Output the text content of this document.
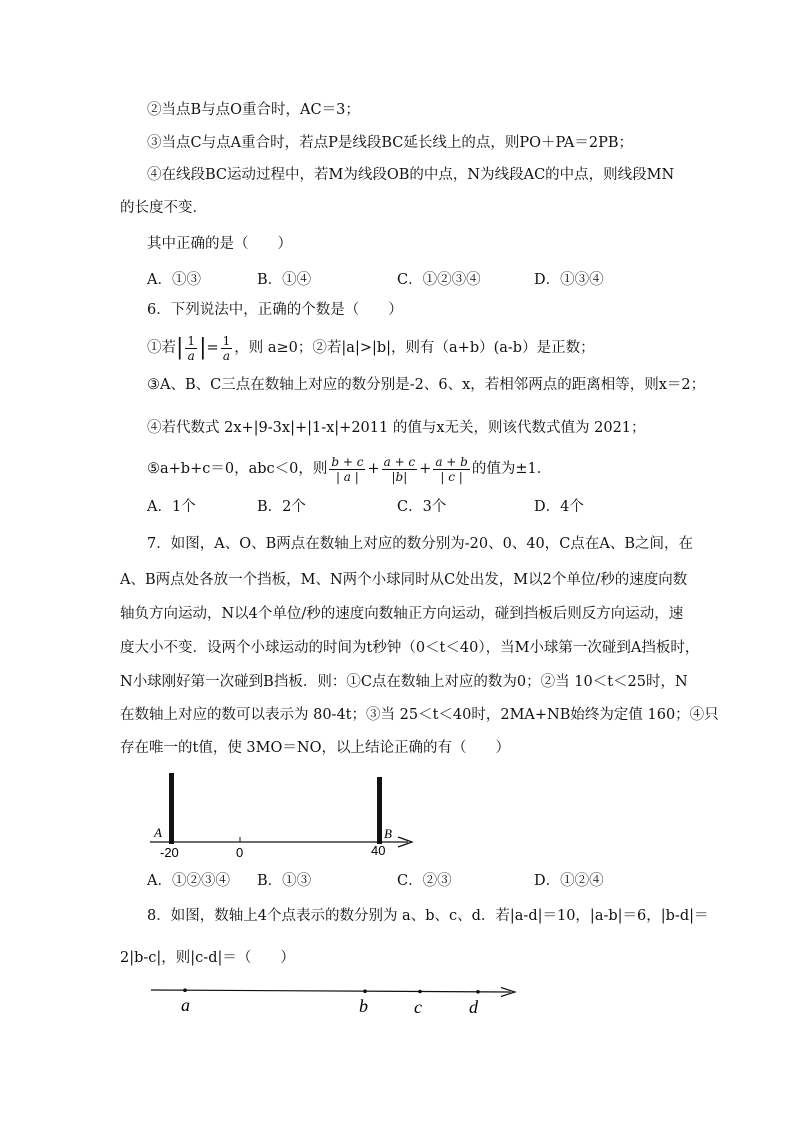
②当点B与点O重合时，AC＝3；
③当点C与点A重合时，若点P是线段BC延长线上的点，则PO＋PA＝2PB；
④在线段BC运动过程中，若M为线段OB的中点，N为线段AC的中点，则线段MN
的长度不变．
其中正确的是（　　）
A．①③	B．①④	C．①②③④	D．①③④
6．下列说法中，正确的个数是（　　）
①若| $\frac{1}{a}$ |= $\frac{1}{a}$ ，则 a≥0；②若|a|>|b|，则有（a+b）(a-b）是正数；
③A、B、C三点在数轴上对应的数分别是-2、6、x，若相邻两点的距离相等，则x＝2；
④若代数式 2x+|9-3x|+|1-x|+2011 的值与x无关，则该代数式值为 2021；
⑤a+b+c＝0，abc＜0，则 $\frac{b + c}{| a |} + \frac{a + c}{|b|} + \frac{a + b}{| c |}$ 的值为±1．
A．1个	B．2个	C．3个	D．4个
7．如图，A、O、B两点在数轴上对应的数分别为-20、0、40，C点在A、B之间，在
A、B两点处各放一个挡板，M、N两个小球同时从C处出发，M以2个单位/秒的速度向数
轴负方向运动，N以4个单位/秒的速度向数轴正方向运动，碰到挡板后则反方向运动，速
度大小不变．设两个小球运动的时间为t秒钟（0＜t＜40），当M小球第一次碰到A挡板时，
N小球刚好第一次碰到B挡板．则：①C点在数轴上对应的数为0；②当 10＜t＜25时，N
在数轴上对应的数可以表示为 80-4t；③当 25＜t＜40时，2MA+NB始终为定值 160；④只
存在唯一的t值，使 3MO＝NO，以上结论正确的有（　　）
A	B
-20	0	40
A．①②③④ B．①③	C．②③	D．①②④
8．如图，数轴上4个点表示的数分别为 a、b、c、d．若|a-d|＝10，|a-b|＝6，|b-d|＝
2|b-c|，则|c-d|＝（　　）
a	b	c	d
